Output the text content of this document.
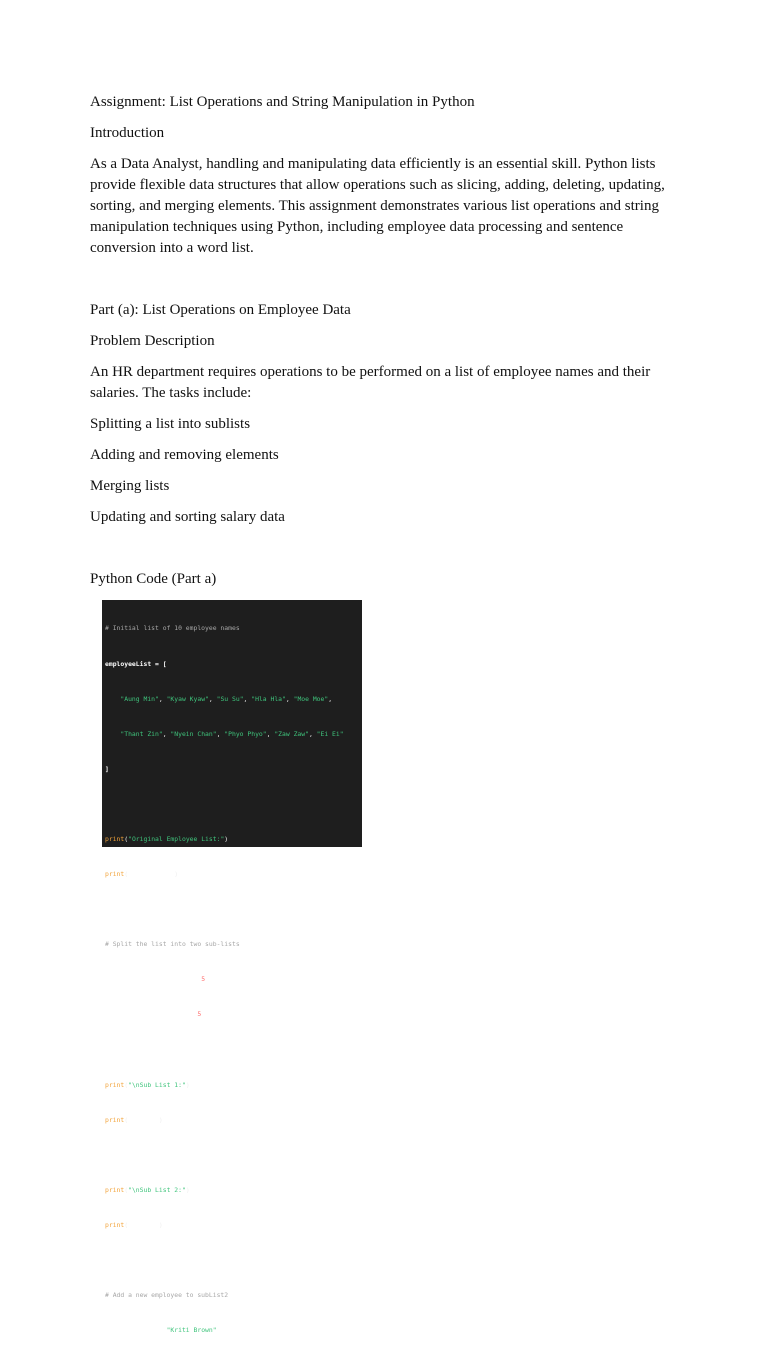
Assignment: List Operations and String Manipulation in Python

Introduction

As a Data Analyst, handling and manipulating data efficiently is an essential skill. Python lists provide flexible data structures that allow operations such as slicing, adding, deleting, updating, sorting, and merging elements. This assignment demonstrates various list operations and string manipulation techniques using Python, including employee data processing and sentence conversion into a word list.

Part (a): List Operations on Employee Data

Problem Description

An HR department requires operations to be performed on a list of employee names and their salaries. The tasks include:

Splitting a list into sublists

Adding and removing elements

Merging lists

Updating and sorting salary data

Python Code (Part a)

# Initial list of 10 employee names

employeeList = [

"Aung Min", "Kyaw Kyaw", "Su Su", "Hla Hla", "Moe Moe",

"Thant Zin", "Nyein Chan", "Phyo Phyo", "Zaw Zaw", "Ei Ei"

]

print("Original Employee List:")

print(employeeList)

# Split the list into two sub-lists

subList1 = employeeList[:5]

subList2 = employeeList[5:]

print("\nSub List 1:")

print(subList1)

print("\nSub List 2:")

print(subList2)

# Add a new employee to subList2

subList2.append("Kriti Brown")
